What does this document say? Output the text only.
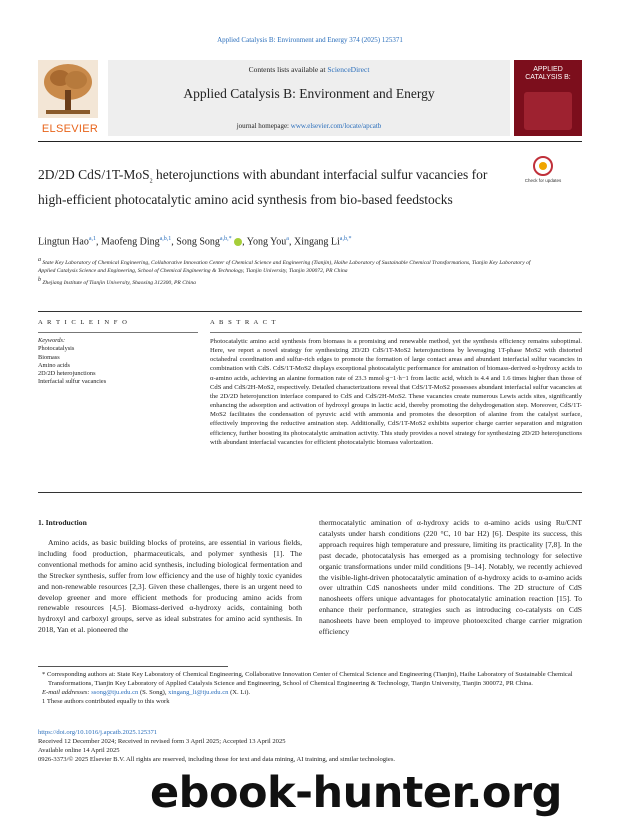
Applied Catalysis B: Environment and Energy 374 (2025) 125371
ELSEVIER
Contents lists available at ScienceDirect
Applied Catalysis B: Environment and Energy
journal homepage: www.elsevier.com/locate/apcatb
APPLIED
CATALYSIS B:
2D/2D CdS/1T-MoS$_2$ heterojunctions with abundant interfacial sulfur vacancies for high-efficient photocatalytic amino acid synthesis from bio-based feedstocks
Check for updates
Lingtun Hao$^{a,1}$, Maofeng Ding$^{a,b,1}$, Song Song$^{a,b,*}$ , Yong You$^a$, Xingang $Li^{a,b,*}$
$^a$ State Key Laboratory of Chemical Engineering, Collaborative Innovation Center of Chemical Science and Engineering (Tianjin), Haihe Laboratory of Sustainable Chemical Transformations, Tianjin Key Laboratory of Applied Catalysis Science and Engineering, School of Chemical Engineering & Technology, Tianjin University, Tianjin 300072, PR China
$^b$ Zhejiang Institute of Tianjin University, Shaoxing 312300, PR China
A R T I C L E I N F O	A B S T R A C T
Keywords:
Photocatalysis
Biomass
Amino acids
2D/2D heterojunctions
Interfacial sulfur vacancies
Photocatalytic amino acid synthesis from biomass is a promising and renewable method, yet the synthesis efficiency remains suboptimal. Here, we report a novel strategy for synthesizing 2D/2D CdS/1T-MoS2 heterojunctions by leveraging 1T-phase MoS2 with distorted octahedral coordination and sulfur-rich edges to promote the formation of large contact areas and abundant interfacial sulfur vacancies in combination with CdS. CdS/1T-MoS2 displays exceptional photocatalytic performance for amination of biomass-derived α-hydroxy acids to α-amino acids, achieving an alanine formation rate of 23.3 mmol·g−1·h−1 from lactic acid, which is 4.4 and 1.6 times higher than those of CdS and CdS/2H-MoS2, respectively. Detailed characterizations reveal that CdS/1T-MoS2 possesses abundant interfacial sulfur vacancies at the 2D/2D heterojunction interface compared to CdS and CdS/2H-MoS2. These vacancies create numerous Lewis acids sites, significantly enhancing the adsorption and activation of hydroxyl groups in lactic acid, thereby promoting the dehydrogenation step. Moreover, CdS/1T-MoS2 facilitates the condensation of pyruvic acid with ammonia and promotes the desorption of alanine from the catalyst surface, effectively improving the reductive amination step. Additionally, CdS/1T-MoS2 exhibits superior charge carrier separation and migration efficiency, further boosting its photocatalytic amination activity. This study provides a novel strategy for synthesizing 2D/2D heterojunctions with abundant interfacial vacancies for efficient photocatalytic biomass valorization.
1. Introduction
Amino acids, as basic building blocks of proteins, are essential in various fields, including food production, pharmaceuticals, and polymer synthesis [1]. The conventional methods for amino acid synthesis, including biological fermentation and the Strecker synthesis, suffer from low efficiency and the use of highly toxic cyanides and non-renewable resources [2,3]. Given these challenges, there is an urgent need to develop greener and more efficient methods for producing amino acids from renewable resources [4,5]. Biomass-derived α-hydroxy acids, containing both hydroxyl and carboxyl groups, serve as ideal substrates for amino acid synthesis. In 2018, Yan et al. pioneered the
thermocatalytic amination of α-hydroxy acids to α-amino acids using Ru/CNT catalysts under harsh conditions (220 °C, 10 bar H2) [6]. Despite its success, this approach requires high temperature and pressure, limiting its practicality [7,8]. In the past decade, photocatalysis has emerged as a promising technology for selective organic transformations under mild conditions [9–14]. Notably, we recently achieved the visible-light-driven photocatalytic amination of α-hydroxy acids to α-amino acids over ultrathin CdS nanosheets under mild conditions. The 2D structure of CdS nanosheets offers unique advantages for photocatalytic amination reaction [15]. To enhance their performance, strategies such as introducing co-catalysts on CdS nanosheets have been employed to improve photoexcited charge carrier migration efficiency
* Corresponding authors at: State Key Laboratory of Chemical Engineering, Collaborative Innovation Center of Chemical Science and Engineering (Tianjin), Haihe Laboratory of Sustainable Chemical Transformations, Tianjin Key Laboratory of Applied Catalysis Science and Engineering, School of Chemical Engineering & Technology, Tianjin University, Tianjin 300072, PR China.
E-mail addresses: ssong@tju.edu.cn (S. Song), xingang_li@tju.edu.cn (X. Li).
1 These authors contributed equally to this work
https://doi.org/10.1016/j.apcatb.2025.125371
Received 12 December 2024; Received in revised form 3 April 2025; Accepted 13 April 2025
Available online 14 April 2025
0926-3373/© 2025 Elsevier B.V. All rights are reserved, including those for text and data mining, AI training, and similar technologies.
ebook-hunter.org
